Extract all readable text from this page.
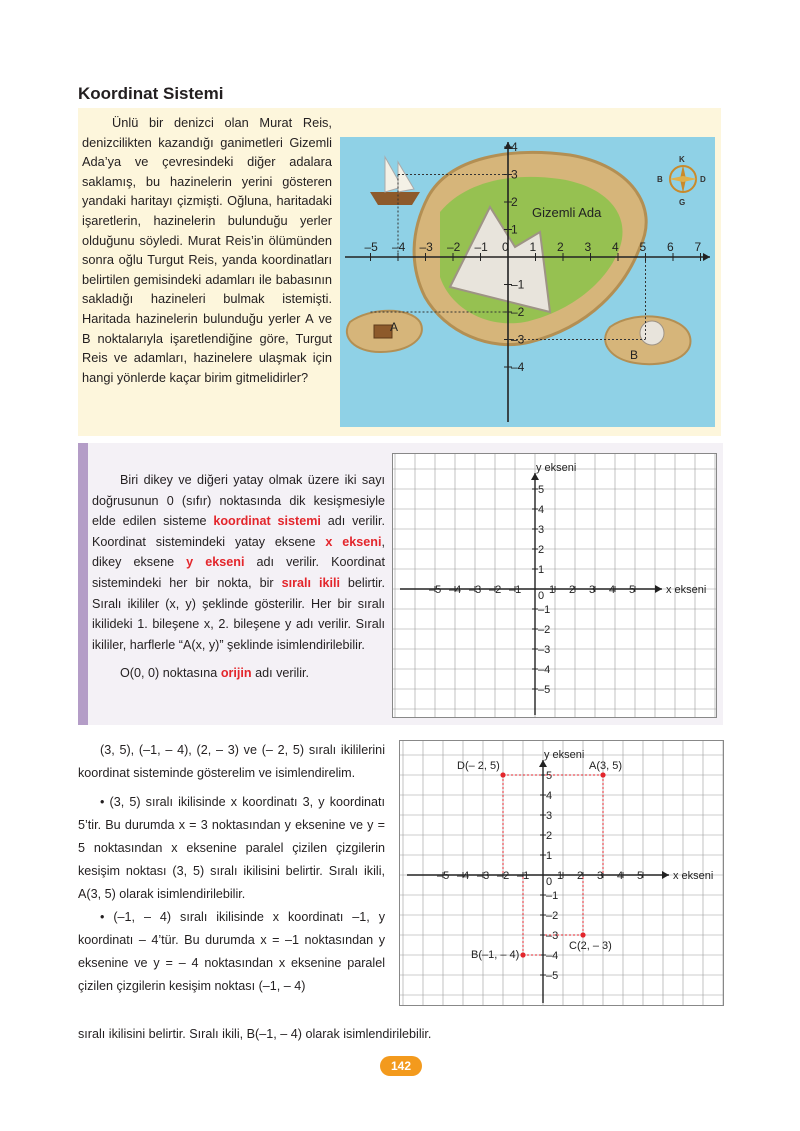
Koordinat Sistemi

Ünlü bir denizci olan Murat Reis, denizcilikten kazandığı ganimetleri Gizemli Ada’ya ve çevresindeki diğer adalara saklamış, bu hazinelerin yerini gösteren yandaki haritayı çizmişti. Oğluna, haritadaki işaretlerin, hazinelerin bulunduğu yerler olduğunu söyledi. Murat Reis’in ölümünden sonra oğlu Turgut Reis, yanda koordinatları belirtilen gemisindeki adamları ile babasının sakladığı hazineleri bulmak istemişti. Haritada hazinelerin bulunduğu yerler A ve B noktalarıyla işaretlendiğine göre, Turgut Reis ve adamları, hazinelere ulaşmak için hangi yönlerde kaçar birim gitmelidirler?

K
G
D
B
–5 –4 –3 –2 –1 0 1 2 3 4 5 6 7
4
3
2
1
–1
–2
–3
–4
Gizemli Ada
A
B

Biri dikey ve diğeri yatay olmak üzere iki sayı doğrusunun 0 (sıfır) noktasında dik kesişmesiyle elde edilen sisteme koordinat sistemi adı verilir. Koordinat sistemindeki yatay eksene x ekseni, dikey eksene y ekseni adı verilir. Koordinat sistemindeki her bir nokta, bir sıralı ikili belirtir. Sıralı ikililer (x, y) şeklinde gösterilir. Her bir sıralı ikilideki 1. bileşene x, 2. bileşene y adı verilir. Sıralı ikililer, harflerle “A(x, y)” şeklinde isimlendirilebilir.

O(0, 0) noktasına orijin adı verilir.

x ekseni
y ekseni
–5 –4 –3 –2 –1 0 1 2 3 4 5
5
4
3
2
1
–1
–2
–3
–4
–5

(3, 5), (–1, – 4), (2, – 3) ve (– 2, 5) sıralı ikililerini koordinat sisteminde gösterelim ve isimlendirelim.

• (3, 5) sıralı ikilisinde x koordinatı 3, y koordinatı 5’tir. Bu durumda x = 3 noktasından y eksenine ve y = 5 noktasından x eksenine paralel çizilen çizgilerin kesişim noktası (3, 5) sıralı ikilisini belirtir. Sıralı ikili, A(3, 5) olarak isimlendirilebilir.

• (–1, – 4) sıralı ikilisinde x koordinatı –1, y koordinatı – 4’tür. Bu durumda x = –1 noktasından y eksenine ve y = – 4 noktasından x eksenine paralel çizilen çizgilerin kesişim noktası (–1, – 4)

sıralı ikilisini belirtir. Sıralı ikili, B(–1, – 4) olarak isimlendirilebilir.
x ekseni
y ekseni
–5 –4 –3 –2 –1 0 1 2 3 4 5
5
4
3
2
1
–1
–2
–3
–4
–5
A(3, 5)
D(– 2, 5)
B(–1, – 4)
C(2, – 3)
142
